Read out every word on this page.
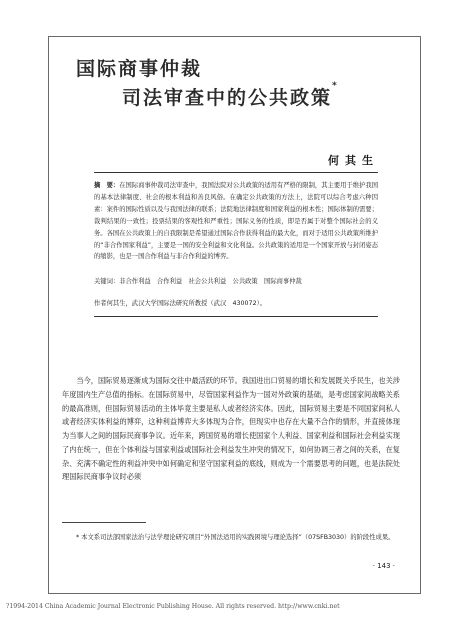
国际商事仲裁
司法审查中的公共政策*
何其生

摘　要：在国际商事仲裁司法审查中，我国法院对公共政策的适用有严格的限制，其主要用于维护我国的基本法律制度、社会的根本利益和善良风俗。在确定公共政策的方法上，法院可以综合考虑六种因素：案件的国际性质以及与我国法律的联系；法院地法律制度和国家利益的根本性；国际体制的需要；裁判结果的一致性；投票结果的客观性和严重性；国际义务的性质，即是否属于对整个国际社会的义务。各国在公共政策上的自我限制是希望通过国际合作获得利益的最大化，而对于适用公共政策所维护的“非合作国家利益”，主要是一国的安全利益和文化利益。公共政策的适用是一个国家开放与封闭姿态的缩影，也是一国合作利益与非合作利益的博弈。

关键词：非合作利益　合作利益　社会公共利益　公共政策　国际商事仲裁

作者何其生，武汉大学国际法研究所教授（武汉　430072）。

当今，国际贸易逐渐成为国际交往中最活跃的环节。我国进出口贸易的增长和发展既关乎民生，也关涉年度国内生产总值的指标。在国际贸易中，尽管国家利益作为一国对外政策的基础，是考虑国家间战略关系的最高准则，但国际贸易活动的主体毕竟主要是私人或者经济实体。因此，国际贸易主要是不同国家间私人或者经济实体利益的博弈，这种利益博弈大多体现为合作，但现实中也存在大量不合作的情形，并直接体现为当事人之间的国际民商事争议。近年来，跨国贸易的增长使国家个人利益、国家利益和国际社会利益实现了内在统一，但在个体利益与国家利益或国际社会利益发生冲突的情况下，如何协调三者之间的关系，在复杂、充满不确定性的利益冲突中如何确定和坚守国家利益的底线，则成为一个需要思考的问题，也是法院处理国际民商事争议时必须

* 本文系司法部国家法治与法学理论研究项目“外国法适用的实践困境与理论选择”（07SFB3030）的阶段性成果。

· 143 ·

?1994-2014 China Academic Journal Electronic Publishing House. All rights reserved. http://www.cnki.net
